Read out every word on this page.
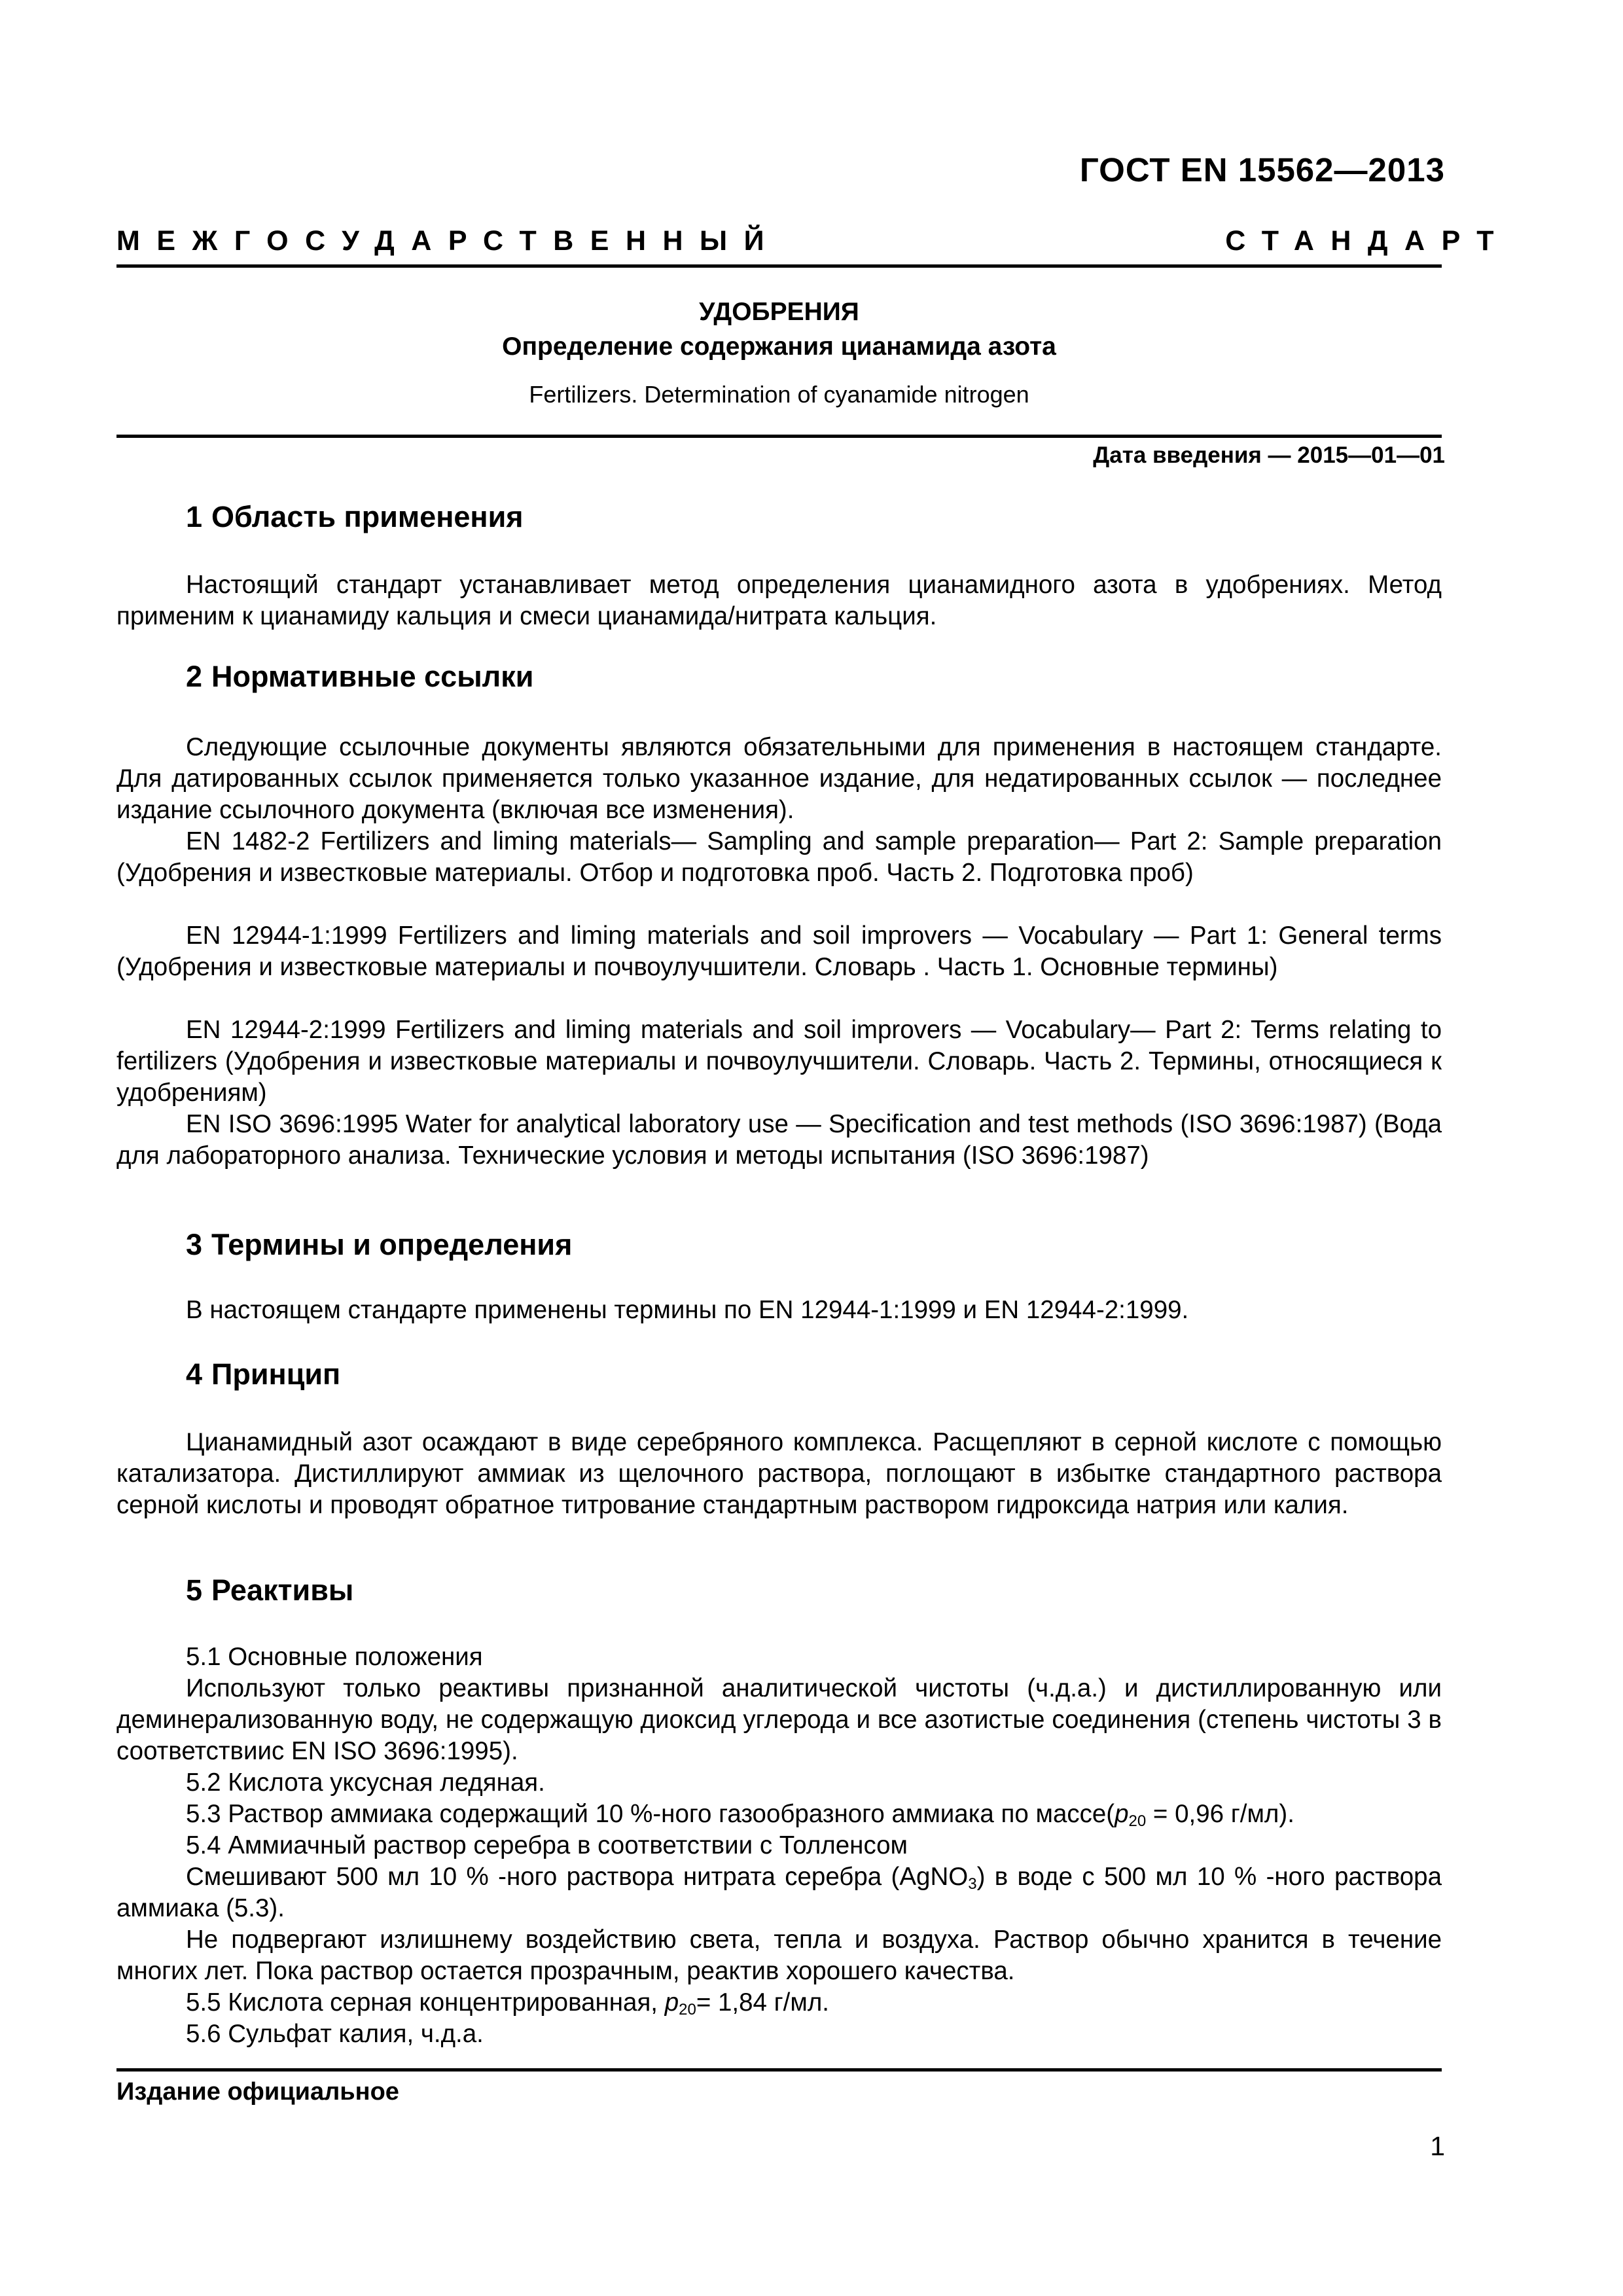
ГОСТ EN 15562—2013
МЕЖГОСУДАРСТВЕННЫЙ СТАНДАРТ
УДОБРЕНИЯ
Определение содержания цианамида азота
Fertilizers. Determination of cyanamide nitrogen
Дата введения — 2015—01—01
1 Область применения
Настоящий стандарт устанавливает метод определения цианамидного азота в удобрениях. Метод применим к цианамиду кальция и смеси цианамида/нитрата кальция.
2 Нормативные ссылки
Следующие ссылочные документы являются обязательными для применения в настоящем стандарте. Для датированных ссылок применяется только указанное издание, для недатированных ссылок — последнее издание ссылочного документа (включая все изменения).
EN 1482-2 Fertilizers and liming materials— Sampling and sample preparation— Part 2: Sample preparation (Удобрения и известковые материалы. Отбор и подготовка проб. Часть 2. Подготовка проб)
EN 12944-1:1999 Fertilizers and liming materials and soil improvers — Vocabulary — Part 1: General terms (Удобрения и известковые материалы и почвоулучшители. Словарь . Часть 1. Основные термины)
EN 12944-2:1999 Fertilizers and liming materials and soil improvers — Vocabulary— Part 2: Terms relating to fertilizers (Удобрения и известковые материалы и почвоулучшители. Словарь. Часть 2. Термины, относящиеся к удобрениям)
EN ISO 3696:1995 Water for analytical laboratory use — Specification and test methods (ISO 3696:1987) (Вода для лабораторного анализа. Технические условия и методы испытания (ISO 3696:1987)
3 Термины и определения
В настоящем стандарте применены термины по EN 12944-1:1999 и EN 12944-2:1999.
4 Принцип
Цианамидный азот осаждают в виде серебряного комплекса. Расщепляют в серной кислоте с помощью катализатора. Дистиллируют аммиак из щелочного раствора, поглощают в избытке стандартного раствора серной кислоты и проводят обратное титрование стандартным раствором гидроксида натрия или калия.
5 Реактивы
5.1 Основные положения
Используют только реактивы признанной аналитической чистоты (ч.д.а.) и дистиллированную или деминерализованную воду, не содержащую диоксид углерода и все азотистые соединения (степень чистоты 3 в соответствиис EN ISO 3696:1995).
5.2 Кислота уксусная ледяная.
5.3 Раствор аммиака содержащий 10 %-ного газообразного аммиака по $массе(p_{20} = 0,96$ г/мл).
5.4 Аммиачный раствор серебра в соответствии с Толленсом
Смешивают 500 мл 10 % -ного раствора нитрата серебра (AgNO$_3$) в воде с 500 мл 10 % -ного раствора аммиака (5.3).
Не подвергают излишнему воздействию света, тепла и воздуха. Раствор обычно хранится в течение многих лет. Пока раствор остается прозрачным, реактив хорошего качества.
5.5 Кислота серная концентрированная, $p_{20}= 1,84$ г/мл.
5.6 Сульфат калия, ч.д.а.
Издание официальное
1
